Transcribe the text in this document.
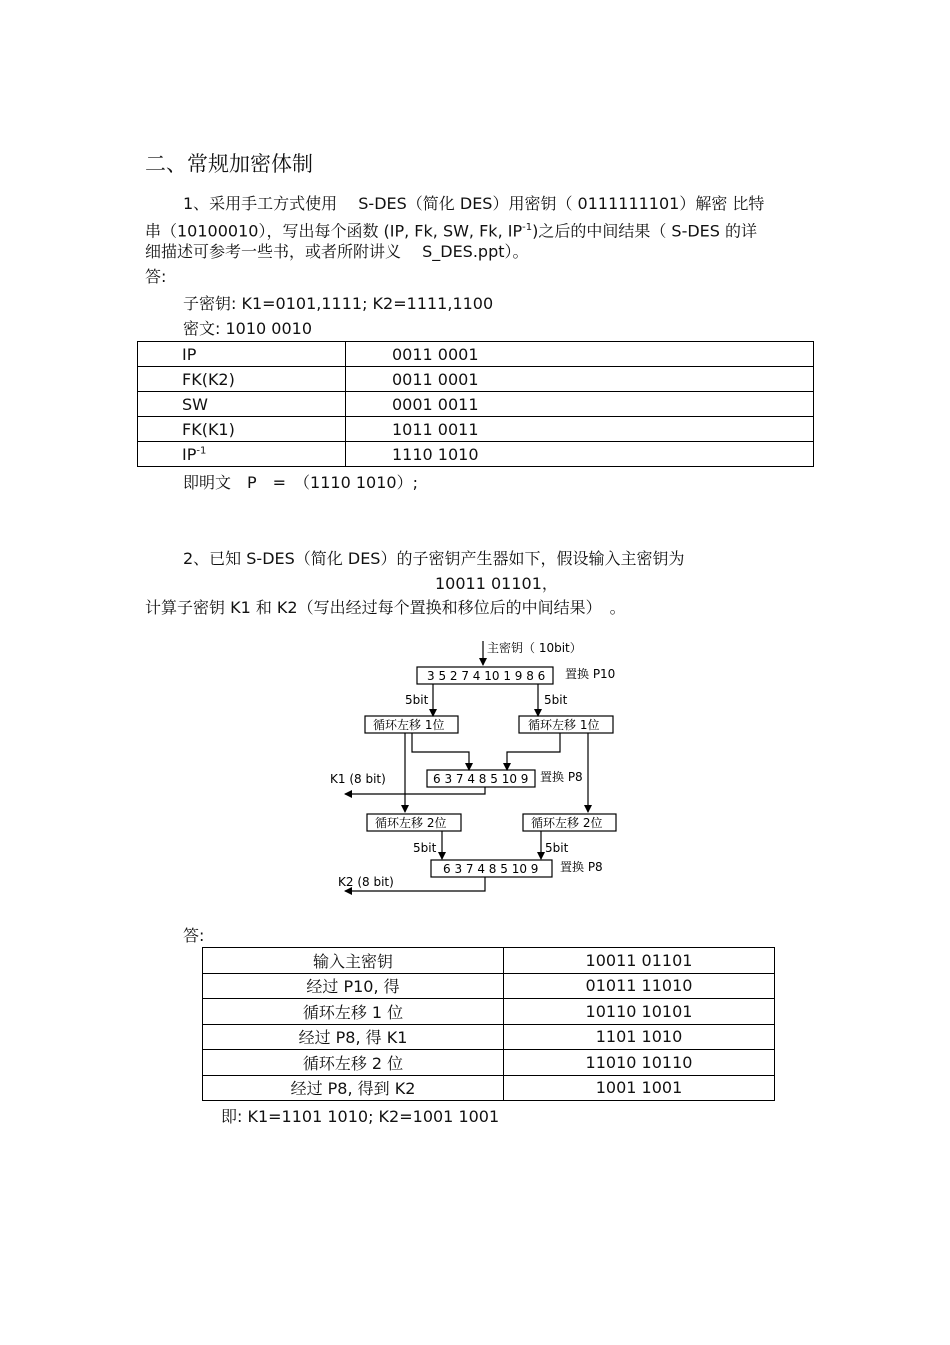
二、常规加密体制
1、采用手工方式使用　 S-DES（简化 DES）用密钥（ 0111111101）解密 比特
串（10100010），写出每个函数 (IP, Fk, SW, Fk, $IP^{-1}$)之后的中间结果（ S-DES 的详
细描述可参考一些书，或者所附讲义　 S_DES.ppt）。
答:
子密钥: K1=0101,1111; K2=1111,1100
密文: 1010 0010
IP	0011 0001
FK(K2)	0011 0001
SW	0001 0011
FK(K1)	1011 0011
$IP^{-1}$	1110 1010
即明文　P　=　（1110 1010）;
2、已知 S-DES（简化 DES）的子密钥产生器如下，假设输入主密钥为
10011 01101，
计算子密钥 K1 和 K2（写出经过每个置换和移位后的中间结果）　。
主密钥（ 10bit）
3 5 2 7 4 10 1 9 8 6 置换 P10
5bit	5bit
循环左移 1位	循环左移 1位
K1 (8 bit)	6 3 7 4 8 5 10 9 置换 P8
循环左移 2位	循环左移 2位
5bit	5bit
6 3 7 4 8 5 10 9 置换 P8
K2 (8 bit)
答:
输入主密钥	10011 01101
经过 P10, 得	01011 11010
循环左移 1 位	10110 10101
经过 P8, 得 K1	1101 1010
循环左移 2 位	11010 10110
经过 P8, 得到 K2	1001 1001
即: K1=1101 1010; K2=1001 1001
